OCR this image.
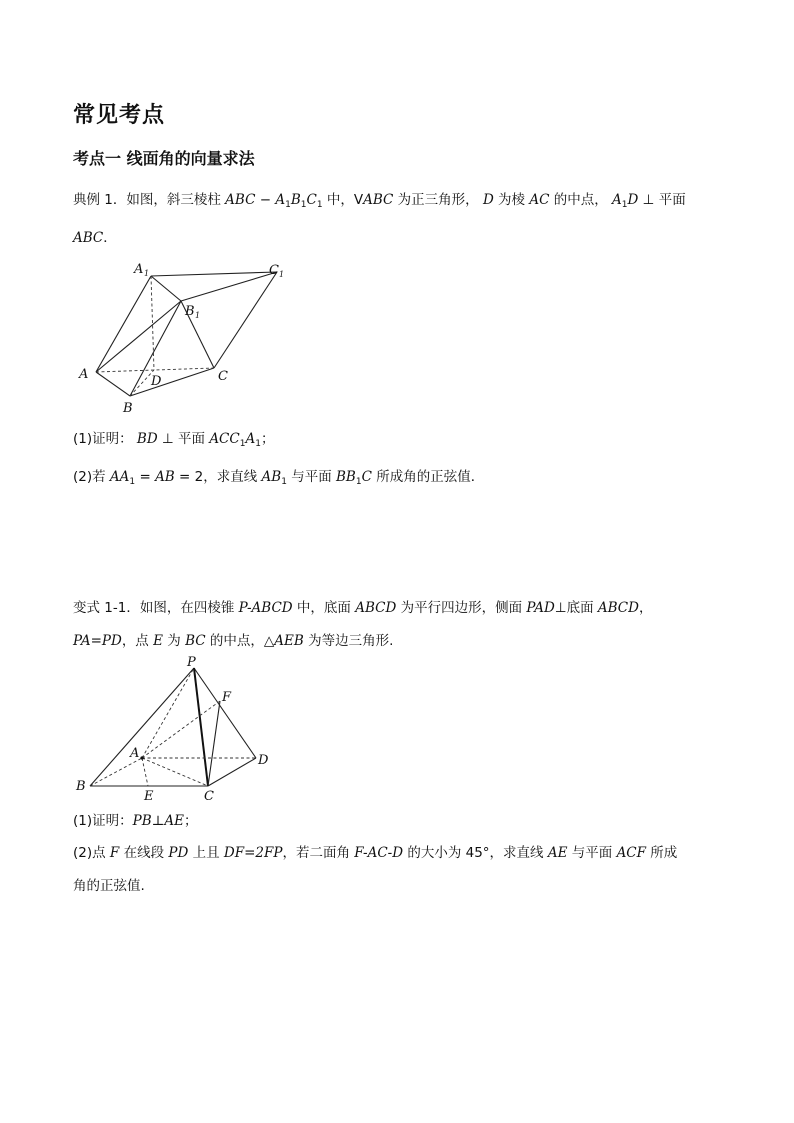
常见考点
考点一 线面角的向量求法
典例 1．如图，斜三棱柱 ABC − $A_1B_1C_1$ 中，VABC 为正三角形， D 为棱 AC 的中点， $A_1D$ ⊥ 平面
ABC．
A 1	C 1
B 1
A	D	C
B
(1)证明： BD ⊥ 平面 $ACC_1A_1$；
(2)若 $AA_1$ = AB = 2，求直线 $AB_1$ 与平面 $BB_1C$ 所成角的正弦值．
变式 1-1．如图，在四棱锥 P-ABCD 中，底面 ABCD 为平行四边形，侧面 PAD⊥底面 ABCD，
PA=PD，点 E 为 BC 的中点，△AEB 为等边三角形.
P
F
A	D
B
E	C
(1)证明：PB⊥AE；
(2)点 F 在线段 PD 上且 DF=2FP，若二面角 F-AC-D 的大小为 45°，求直线 AE 与平面 ACF 所成
角的正弦值.
